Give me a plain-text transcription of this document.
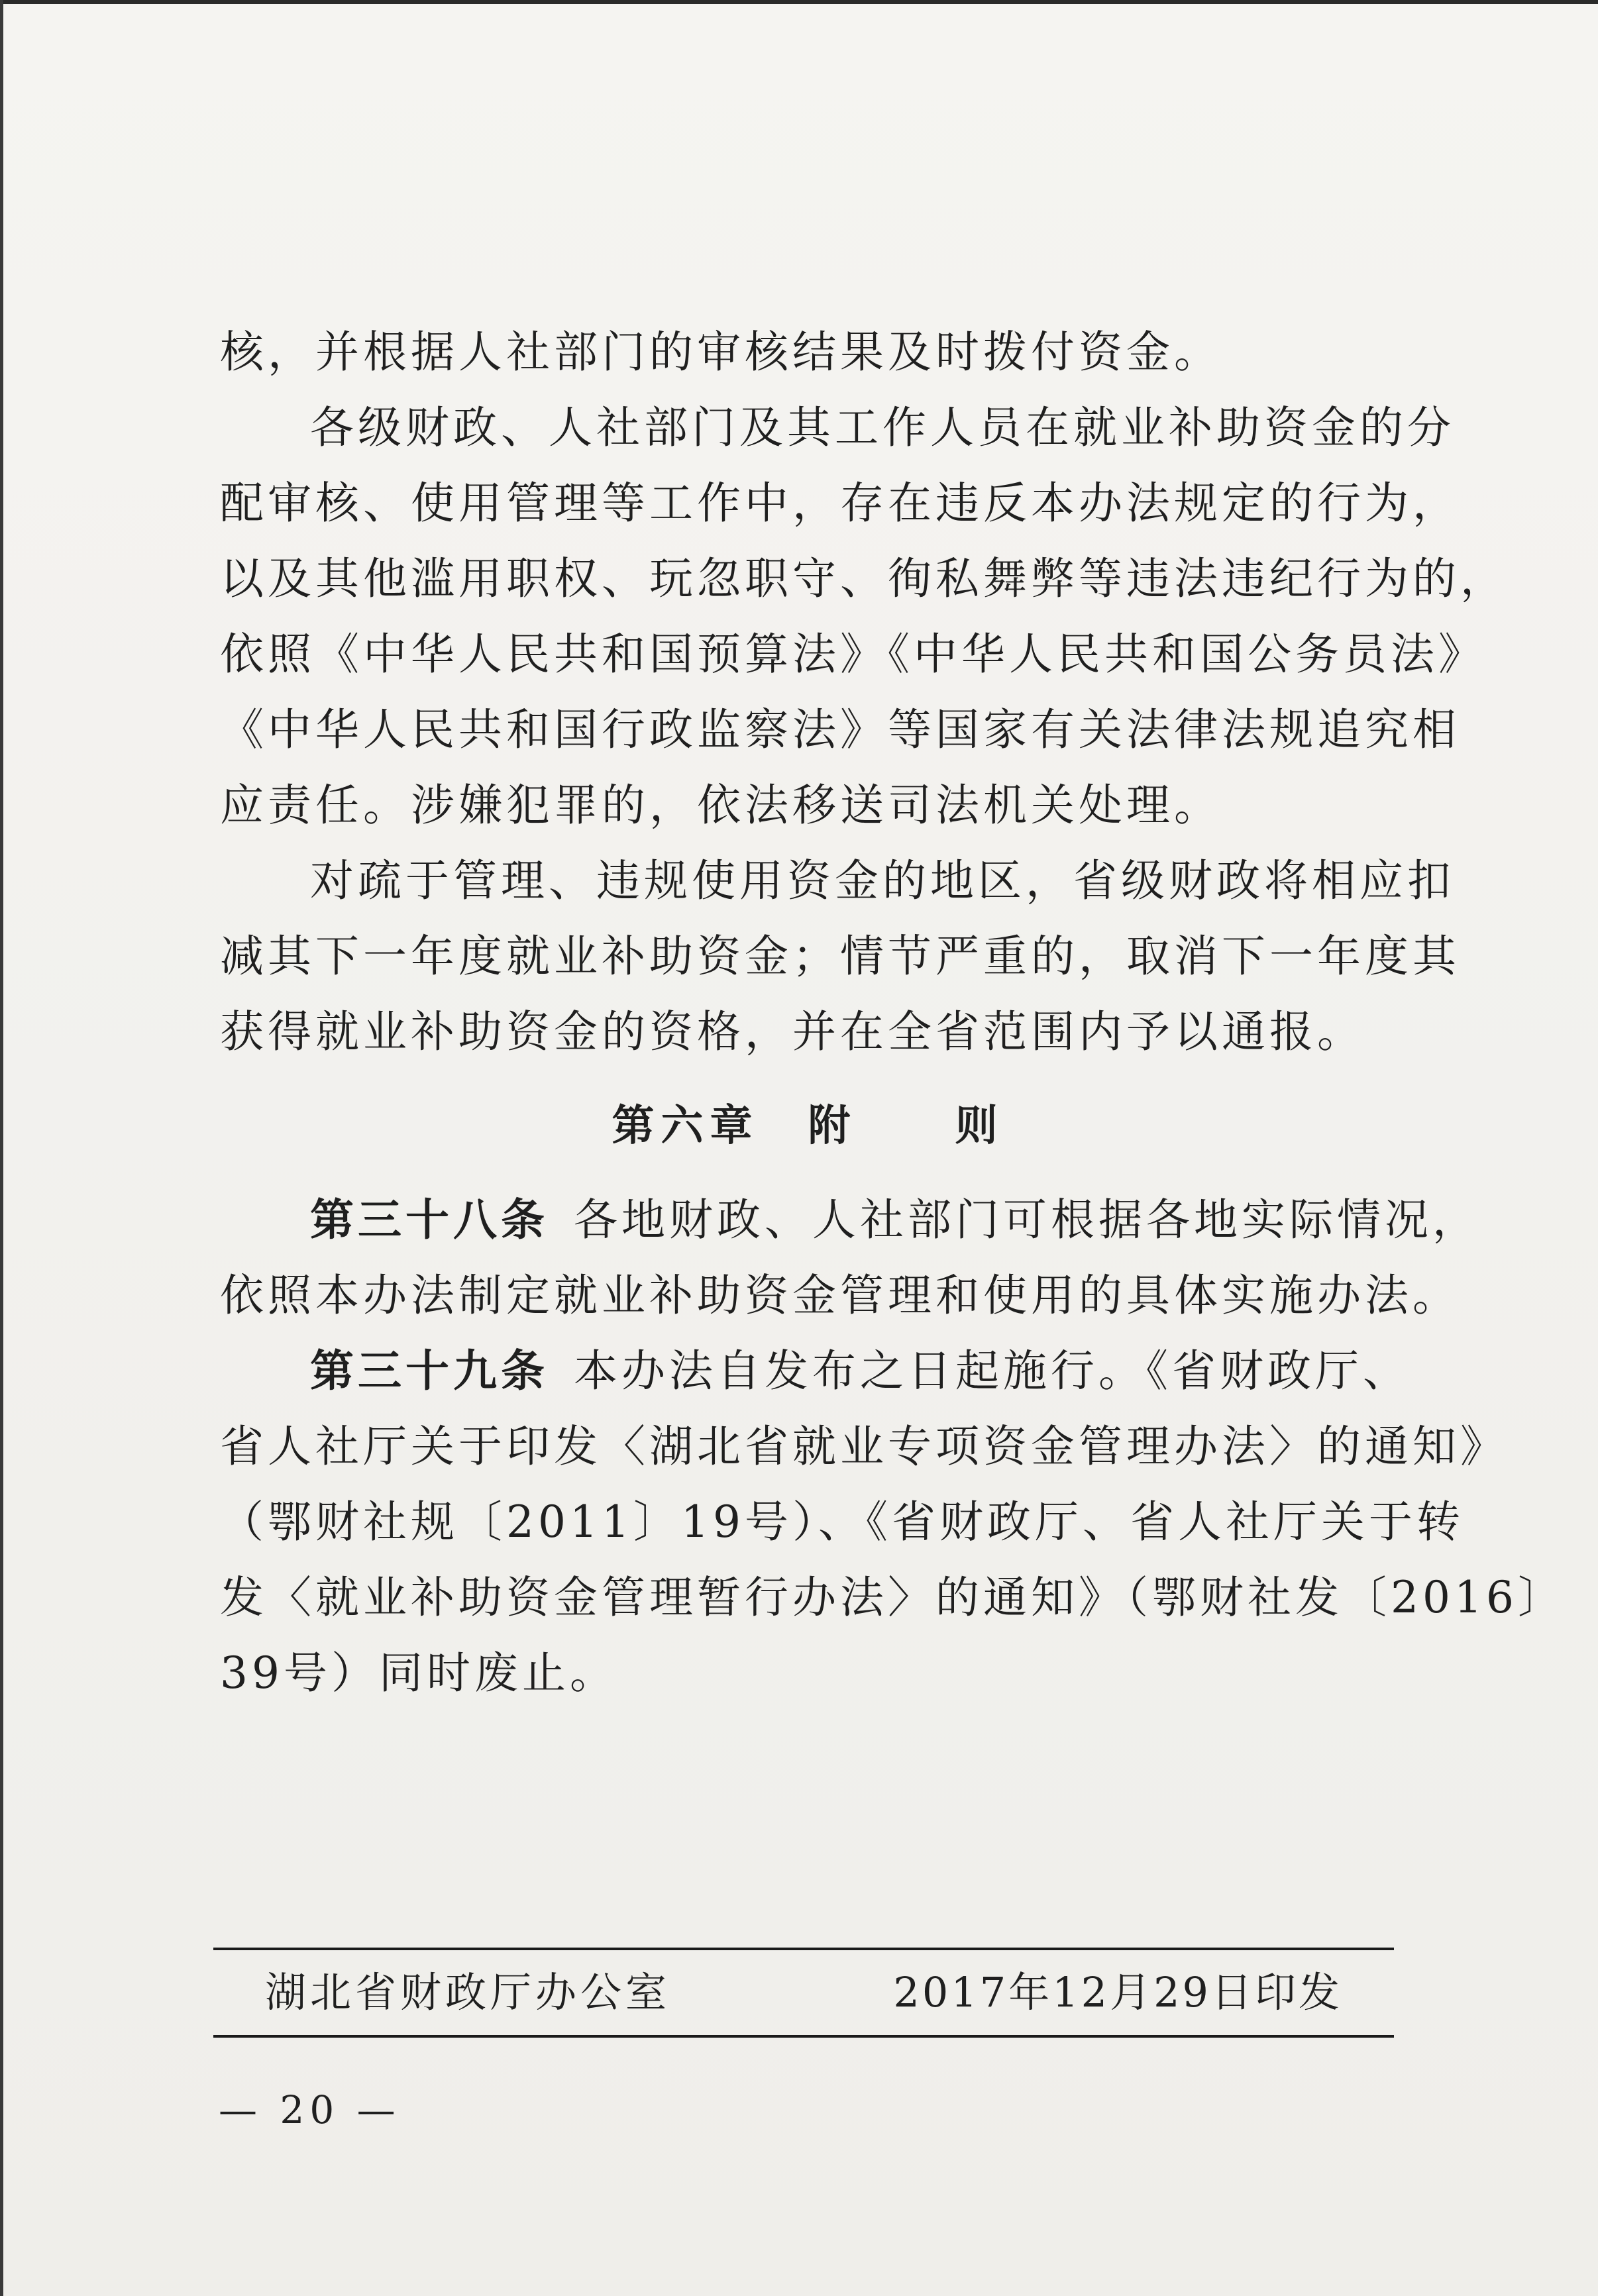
核，并根据人社部门的审核结果及时拨付资金。
各级财政、人社部门及其工作人员在就业补助资金的分
配审核、使用管理等工作中，存在违反本办法规定的行为，
以及其他滥用职权、玩忽职守、徇私舞弊等违法违纪行为的，
依照《中华人民共和国预算法》《中华人民共和国公务员法》
《中华人民共和国行政监察法》等国家有关法律法规追究相
应责任。涉嫌犯罪的，依法移送司法机关处理。
对疏于管理、违规使用资金的地区，省级财政将相应扣
减其下一年度就业补助资金；情节严重的，取消下一年度其
获得就业补助资金的资格，并在全省范围内予以通报。
第六章　附　　则
第三十八条 各地财政、人社部门可根据各地实际情况，
依照本办法制定就业补助资金管理和使用的具体实施办法。
第三十九条 本办法自发布之日起施行。《省财政厅、
省人社厅关于印发〈湖北省就业专项资金管理办法〉的通知》
（鄂财社规〔2011〕19号）、《省财政厅、省人社厅关于转
发〈就业补助资金管理暂行办法〉的通知》（鄂财社发〔2016〕
39号）同时废止。
湖北省财政厅办公室	2017年12月29日印发
— 20 —
